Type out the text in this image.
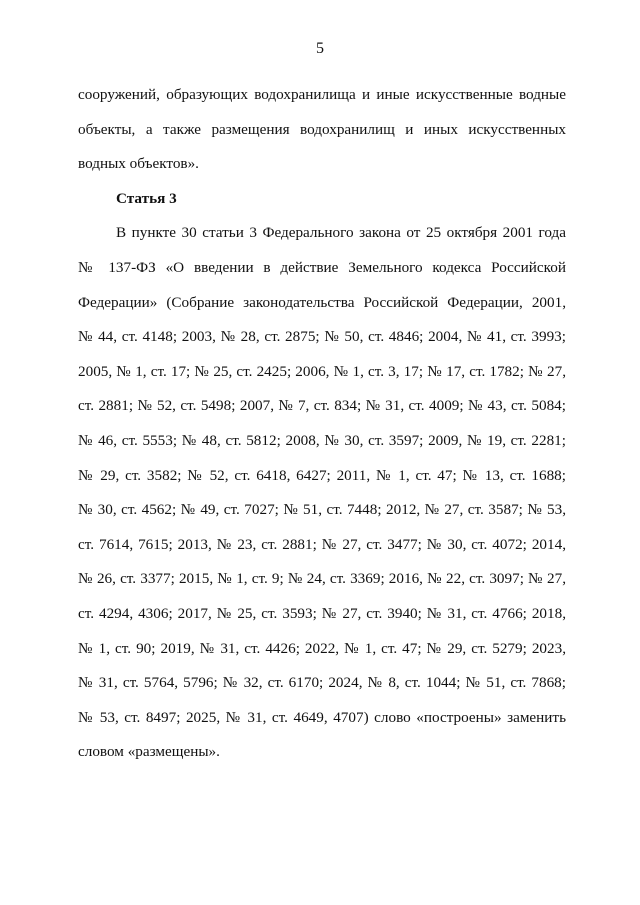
5
сооружений, образующих водохранилища и иные искусственные водные
объекты, а также размещения водохранилищ и иных искусственных
водных объектов».
Статья 3
В пункте 30 статьи 3 Федерального закона от 25 октября 2001 года
№ 137-ФЗ «О введении в действие Земельного кодекса Российской
Федерации» (Собрание законодательства Российской Федерации, 2001,
№ 44, ст. 4148; 2003, № 28, ст. 2875; № 50, ст. 4846; 2004, № 41, ст. 3993;
2005, № 1, ст. 17; № 25, ст. 2425; 2006, № 1, ст. 3, 17; № 17, ст. 1782; № 27,
ст. 2881; № 52, ст. 5498; 2007, № 7, ст. 834; № 31, ст. 4009; № 43, ст. 5084;
№ 46, ст. 5553; № 48, ст. 5812; 2008, № 30, ст. 3597; 2009, № 19, ст. 2281;
№ 29, ст. 3582; № 52, ст. 6418, 6427; 2011, № 1, ст. 47; № 13, ст. 1688;
№ 30, ст. 4562; № 49, ст. 7027; № 51, ст. 7448; 2012, № 27, ст. 3587; № 53,
ст. 7614, 7615; 2013, № 23, ст. 2881; № 27, ст. 3477; № 30, ст. 4072; 2014,
№ 26, ст. 3377; 2015, № 1, ст. 9; № 24, ст. 3369; 2016, № 22, ст. 3097; № 27,
ст. 4294, 4306; 2017, № 25, ст. 3593; № 27, ст. 3940; № 31, ст. 4766; 2018,
№ 1, ст. 90; 2019, № 31, ст. 4426; 2022, № 1, ст. 47; № 29, ст. 5279; 2023,
№ 31, ст. 5764, 5796; № 32, ст. 6170; 2024, № 8, ст. 1044; № 51, ст. 7868;
№ 53, ст. 8497; 2025, № 31, ст. 4649, 4707) слово «построены» заменить
словом «размещены».
